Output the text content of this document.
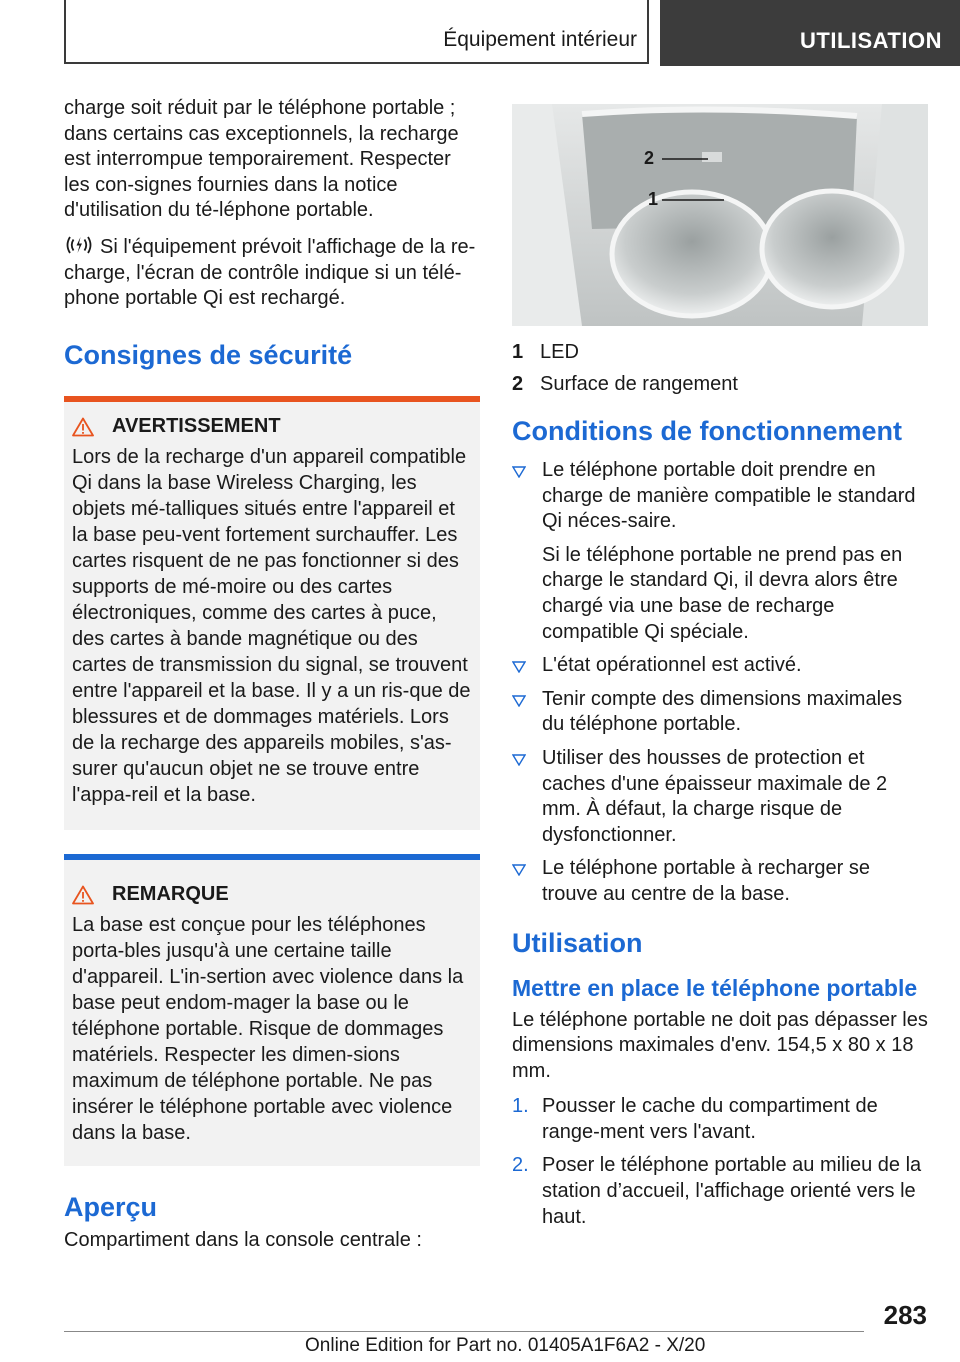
Équipement intérieur	UTILISATION

charge soit réduit par le téléphone portable ; dans certains cas exceptionnels, la recharge est interrompue temporairement. Respecter les con-signes fournies dans la notice d'utilisation du té-léphone portable.

Si l'équipement prévoit l'affichage de la re-charge, l'écran de contrôle indique si un télé-phone portable Qi est rechargé.

Consignes de sécurité
AVERTISSEMENT

Lors de la recharge d'un appareil compatible Qi dans la base Wireless Charging, les objets mé-talliques situés entre l'appareil et la base peu-vent fortement surchauffer. Les cartes risquent de ne pas fonctionner si des supports de mé-moire ou des cartes électroniques, comme des cartes à puce, des cartes à bande magnétique ou des cartes de transmission du signal, se trouvent entre l'appareil et la base. Il y a un ris-que de blessures et de dommages matériels. Lors de la recharge des appareils mobiles, s'as-surer qu'aucun objet ne se trouve entre l'appa-reil et la base.

REMARQUE

La base est conçue pour les téléphones porta-bles jusqu'à une certaine taille d'appareil. L'in-sertion avec violence dans la base peut endom-mager la base ou le téléphone portable. Risque de dommages matériels. Respecter les dimen-sions maximum de téléphone portable. Ne pas insérer le téléphone portable avec violence dans la base.

Aperçu

Compartiment dans la console centrale :

2
1
1 LED
2 Surface de rangement
Conditions de fonctionnement
Le téléphone portable doit prendre en charge de manière compatible le standard Qi néces-saire.

Si le téléphone portable ne prend pas en charge le standard Qi, il devra alors être chargé via une base de recharge compatible Qi spéciale.

L'état opérationnel est activé.
Tenir compte des dimensions maximales du téléphone portable.
Utiliser des housses de protection et caches d'une épaisseur maximale de 2 mm. À défaut, la charge risque de dysfonctionner.
Le téléphone portable à recharger se trouve au centre de la base.
Utilisation
Mettre en place le téléphone portable

Le téléphone portable ne doit pas dépasser les dimensions maximales d'env. 154,5 x 80 x 18 mm.

1. Pousser le cache du compartiment de range-ment vers l'avant.
2. Poser le téléphone portable au milieu de la station d’accueil, l'affichage orienté vers le haut.
283
Online Edition for Part no. 01405A1F6A2 - X/20
